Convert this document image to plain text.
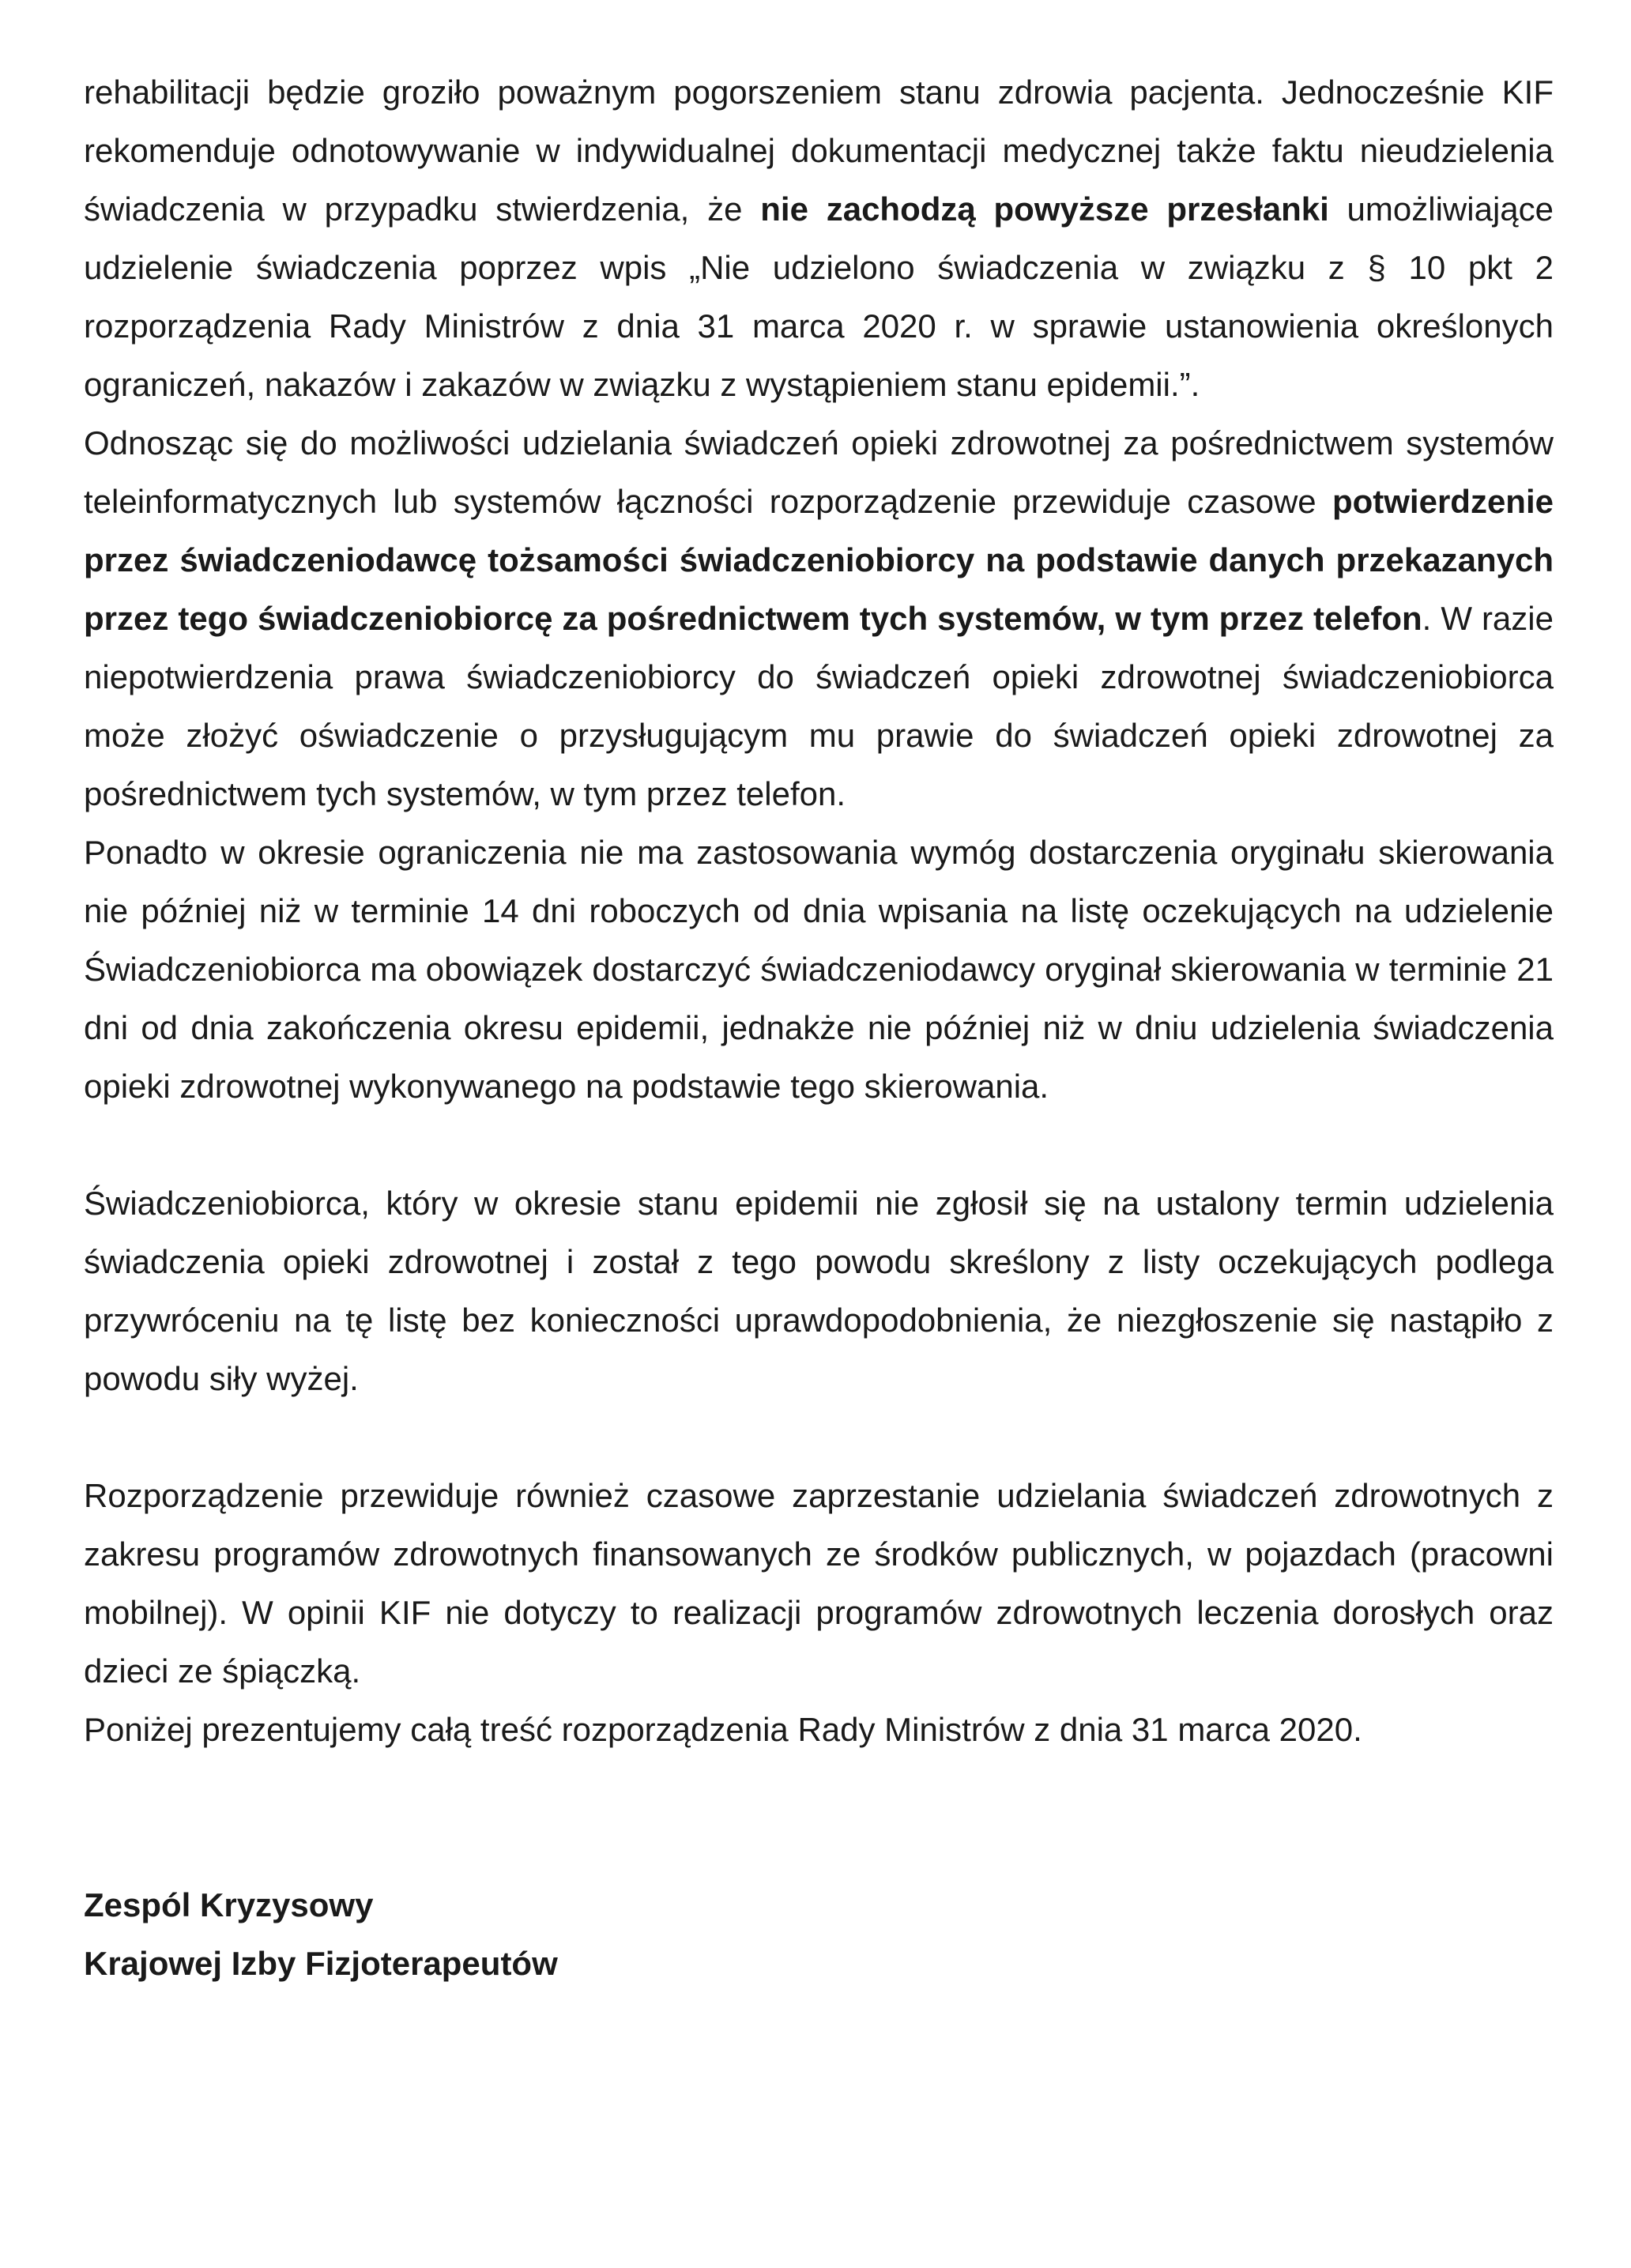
rehabilitacji będzie groziło poważnym pogorszeniem stanu zdrowia pacjenta. Jednocześnie KIF rekomenduje odnotowywanie w indywidualnej dokumentacji medycznej także faktu nieudzielenia świadczenia w przypadku stwierdzenia, że nie zachodzą powyższe przesłanki umożliwiające udzielenie świadczenia poprzez wpis „Nie udzielono świadczenia w związku z § 10 pkt 2 rozporządzenia Rady Ministrów z dnia 31 marca 2020 r. w sprawie ustanowienia określonych ograniczeń, nakazów i zakazów w związku z wystąpieniem stanu epidemii.”.

Odnosząc się do możliwości udzielania świadczeń opieki zdrowotnej za pośrednictwem systemów teleinformatycznych lub systemów łączności rozporządzenie przewiduje czasowe potwierdzenie przez świadczeniodawcę tożsamości świadczeniobiorcy na podstawie danych przekazanych przez tego świadczeniobiorcę za pośrednictwem tych systemów, w tym przez telefon. W razie niepotwierdzenia prawa świadczeniobiorcy do świadczeń opieki zdrowotnej świadczeniobiorca może złożyć oświadczenie o przysługującym mu prawie do świadczeń opieki zdrowotnej za pośrednictwem tych systemów, w tym przez telefon.

Ponadto w okresie ograniczenia nie ma zastosowania wymóg dostarczenia oryginału skierowania nie później niż w terminie 14 dni roboczych od dnia wpisania na listę oczekujących na udzielenie Świadczeniobiorca ma obowiązek dostarczyć świadczeniodawcy oryginał skierowania w terminie 21 dni od dnia zakończenia okresu epidemii, jednakże nie później niż w dniu udzielenia świadczenia opieki zdrowotnej wykonywanego na podstawie tego skierowania.

Świadczeniobiorca, który w okresie stanu epidemii nie zgłosił się na ustalony termin udzielenia świadczenia opieki zdrowotnej i został z tego powodu skreślony z listy oczekujących podlega przywróceniu na tę listę bez konieczności uprawdopodobnienia, że niezgłoszenie się nastąpiło z powodu siły wyżej.

Rozporządzenie przewiduje również czasowe zaprzestanie udzielania świadczeń zdrowotnych z zakresu programów zdrowotnych finansowanych ze środków publicznych, w pojazdach (pracowni mobilnej). W opinii KIF nie dotyczy to realizacji programów zdrowotnych leczenia dorosłych oraz dzieci ze śpiączką.

Poniżej prezentujemy całą treść rozporządzenia Rady Ministrów z dnia 31 marca 2020.

Zespól Kryzysowy

Krajowej Izby Fizjoterapeutów
